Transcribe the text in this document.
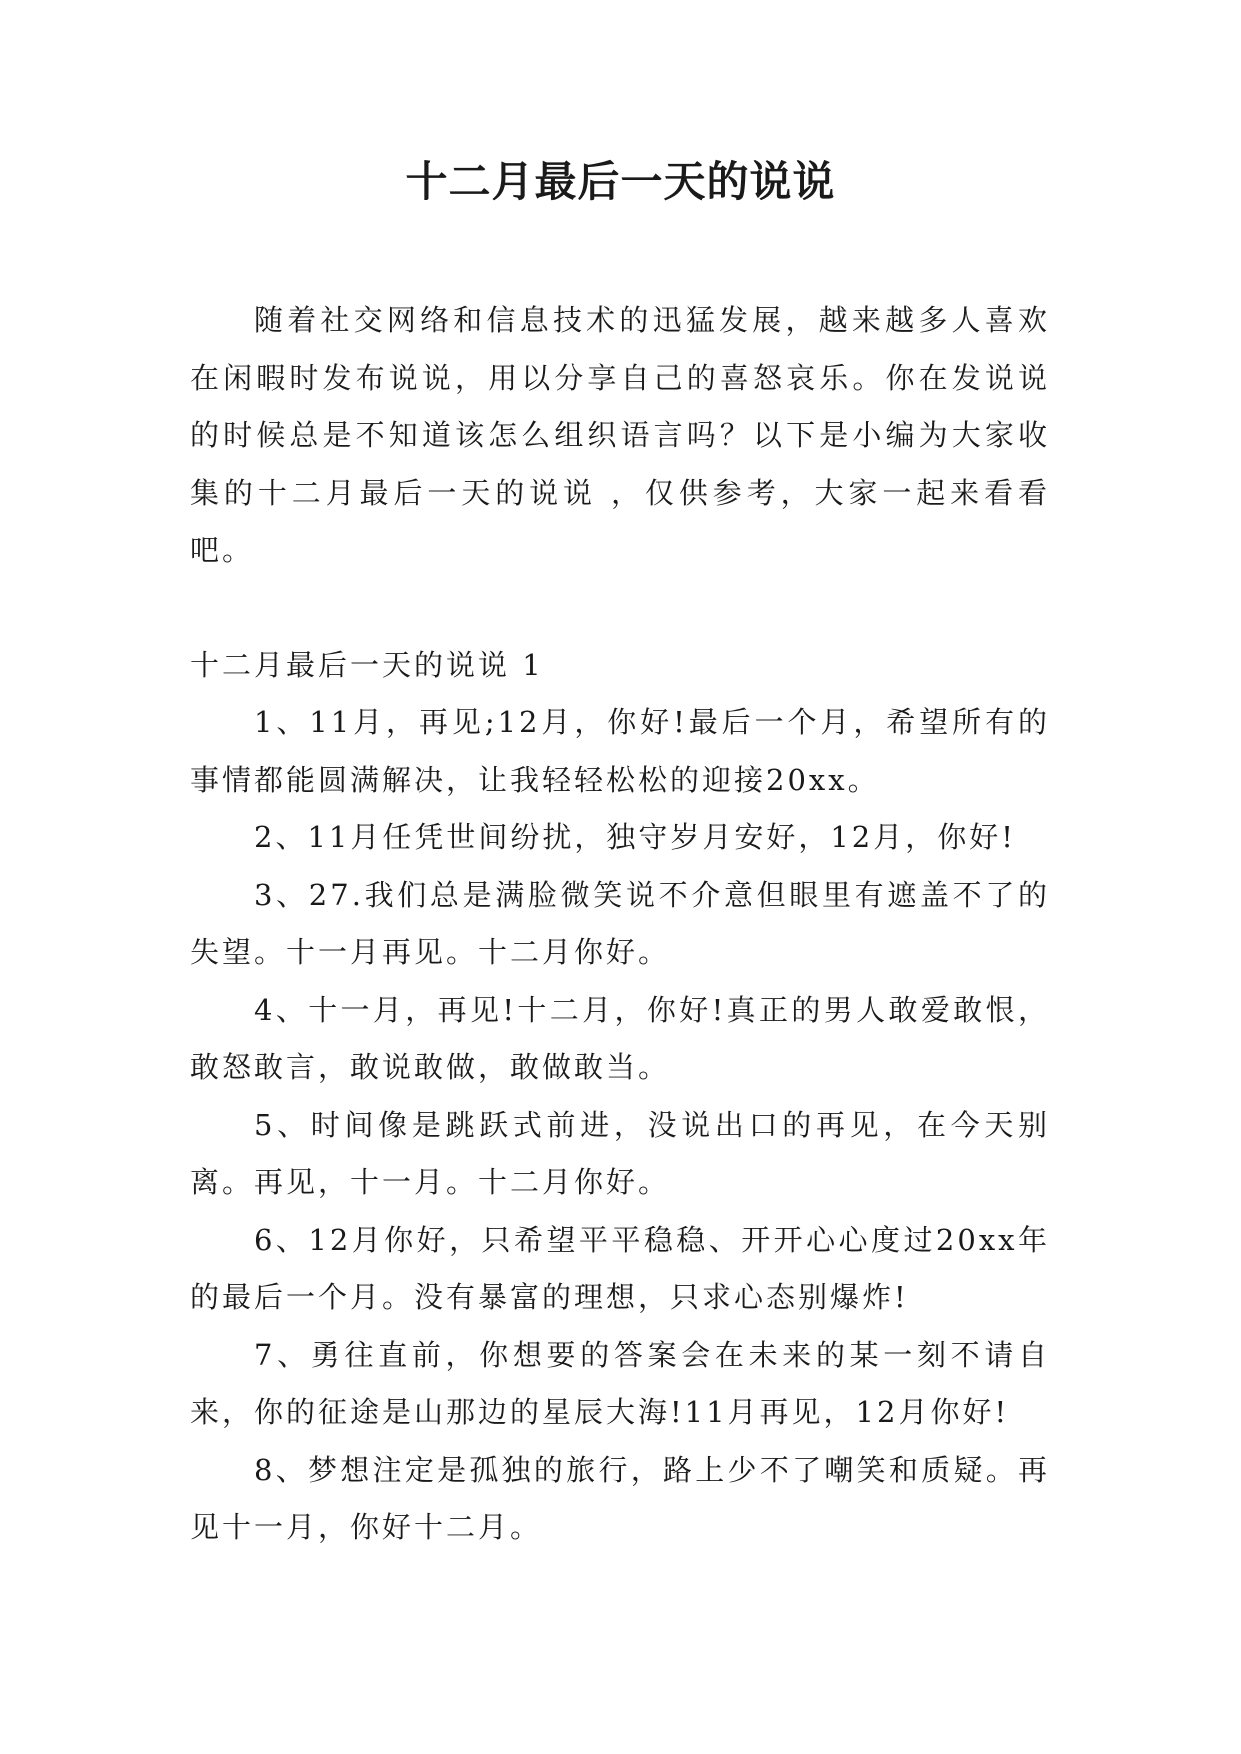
十二月最后一天的说说

随着社交网络和信息技术的迅猛发展，越来越多人喜欢在闲暇时发布说说，用以分享自己的喜怒哀乐。你在发说说的时候总是不知道该怎么组织语言吗？以下是小编为大家收集的十二月最后一天的说说 ，仅供参考，大家一起来看看吧。

十二月最后一天的说说 1

1、11月，再见;12月，你好!最后一个月，希望所有的事情都能圆满解决，让我轻轻松松的迎接20xx。

2、11月任凭世间纷扰，独守岁月安好，12月，你好!

3、27.我们总是满脸微笑说不介意但眼里有遮盖不了的失望。十一月再见。十二月你好。

4、十一月，再见!十二月，你好!真正的男人敢爱敢恨，敢怒敢言，敢说敢做，敢做敢当。

5、时间像是跳跃式前进，没说出口的再见，在今天别离。再见，十一月。十二月你好。

6、12月你好，只希望平平稳稳、开开心心度过20xx年的最后一个月。没有暴富的理想，只求心态别爆炸!

7、勇往直前，你想要的答案会在未来的某一刻不请自来，你的征途是山那边的星辰大海!11月再见，12月你好!

8、梦想注定是孤独的旅行，路上少不了嘲笑和质疑。再见十一月，你好十二月。
